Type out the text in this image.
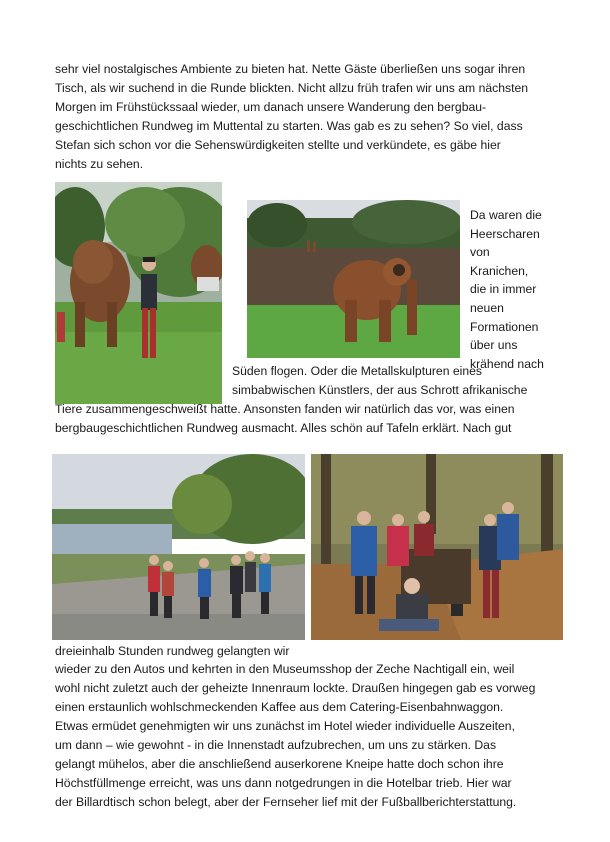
sehr viel nostalgisches Ambiente zu bieten hat. Nette Gäste überließen uns sogar ihren
Tisch, als wir suchend in die Runde blickten. Nicht allzu früh trafen wir uns am nächsten
Morgen im Frühstückssaal wieder, um danach unsere Wanderung den bergbau-
geschichtlichen Rundweg im Muttental zu starten. Was gab es zu sehen? So viel, dass
Stefan sich schon vor die Sehenswürdigkeiten stellte und verkündete, es gäbe hier
nichts zu sehen.

Da waren die
Heerscharen
von
Kranichen,
die in immer
neuen
Formationen
über uns
krähend nach

Süden flogen. Oder die Metallskulpturen eines
simbabwischen Künstlers, der aus Schrott afrikanische

Tiere zusammengeschweißt hatte. Ansonsten fanden wir natürlich das vor, was einen
bergbaugeschichtlichen Rundweg ausmacht. Alles schön auf Tafeln erklärt. Nach gut

dreieinhalb Stunden rundweg gelangten wir

wieder zu den Autos und kehrten in den Museumsshop der Zeche Nachtigall ein, weil
wohl nicht zuletzt auch der geheizte Innenraum lockte. Draußen hingegen gab es vorweg
einen erstaunlich wohlschmeckenden Kaffee aus dem Catering-Eisenbahnwaggon.
Etwas ermüdet genehmigten wir uns zunächst im Hotel wieder individuelle Auszeiten,
um dann – wie gewohnt - in die Innenstadt aufzubrechen, um uns zu stärken. Das
gelangt mühelos, aber die anschließend auserkorene Kneipe hatte doch schon ihre
Höchstfüllmenge erreicht, was uns dann notgedrungen in die Hotelbar trieb. Hier war
der Billardtisch schon belegt, aber der Fernseher lief mit der Fußballberichterstattung.
